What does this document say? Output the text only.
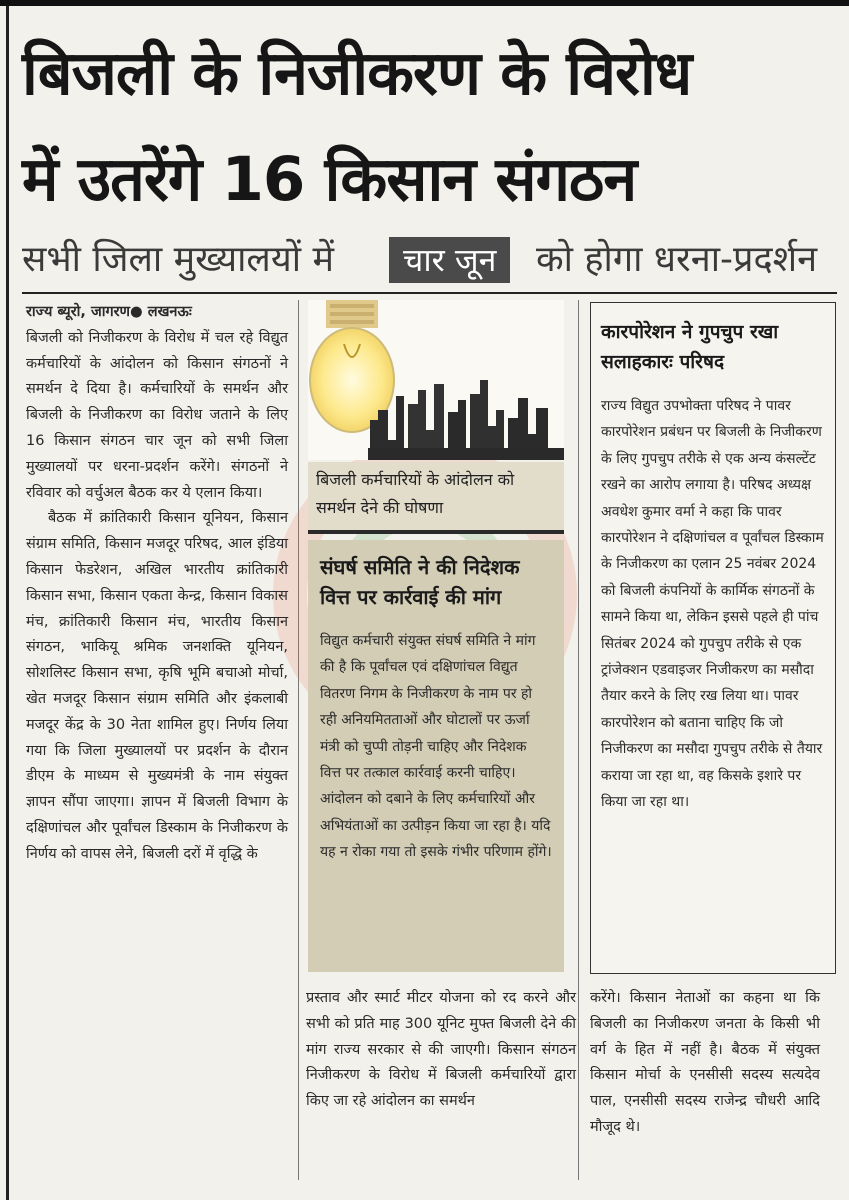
बिजली के निजीकरण के विरोध
में उतरेंगे 16 किसान संगठन
सभी जिला मुख्यालयों में	चार जून	को होगा धरना-प्रदर्शन

राज्य ब्यूरो, जागरण● लखनऊः

बिजली को निजीकरण के विरोध में चल रहे विद्युत कर्मचारियों के आंदोलन को किसान संगठनों ने समर्थन दे दिया है। कर्मचारियों के समर्थन और बिजली के निजीकरण का विरोध जताने के लिए 16 किसान संगठन चार जून को सभी जिला मुख्यालयों पर धरना-प्रदर्शन करेंगे। संगठनों ने रविवार को वर्चुअल बैठक कर ये एलान किया।

बैठक में क्रांतिकारी किसान यूनियन, किसान संग्राम समिति, किसान मजदूर परिषद, आल इंडिया किसान फेडरेशन, अखिल भारतीय क्रांतिकारी किसान सभा, किसान एकता केन्द्र, किसान विकास मंच, क्रांतिकारी किसान मंच, भारतीय किसान संगठन, भाकियू श्रमिक जनशक्ति यूनियन, सोशलिस्ट किसान सभा, कृषि भूमि बचाओ मोर्चा, खेत मजदूर किसान संग्राम समिति और इंकलाबी मजदूर केंद्र के 30 नेता शामिल हुए। निर्णय लिया गया कि जिला मुख्यालयों पर प्रदर्शन के दौरान डीएम के माध्यम से मुख्यमंत्री के नाम संयुक्त ज्ञापन सौंपा जाएगा। ज्ञापन में बिजली विभाग के दक्षिणांचल और पूर्वांचल डिस्काम के निजीकरण के निर्णय को वापस लेने, बिजली दरों में वृद्धि के

बिजली कर्मचारियों के आंदोलन को समर्थन देने की घोषणा
संघर्ष समिति ने की निदेशक वित्त पर कार्रवाई की मांग
विद्युत कर्मचारी संयुक्त संघर्ष समिति ने मांग की है कि पूर्वांचल एवं दक्षिणांचल विद्युत वितरण निगम के निजीकरण के नाम पर हो रही अनियमितताओं और घोटालों पर ऊर्जा मंत्री को चुप्पी तोड़नी चाहिए और निदेशक वित्त पर तत्काल कार्रवाई करनी चाहिए। आंदोलन को दबाने के लिए कर्मचारियों और अभियंताओं का उत्पीड़न किया जा रहा है। यदि यह न रोका गया तो इसके गंभीर परिणाम होंगे।
कारपोरेशन ने गुपचुप रखा सलाहकारः परिषद
राज्य विद्युत उपभोक्ता परिषद ने पावर कारपोरेशन प्रबंधन पर बिजली के निजीकरण के लिए गुपचुप तरीके से एक अन्य कंसल्टेंट रखने का आरोप लगाया है। परिषद अध्यक्ष अवधेश कुमार वर्मा ने कहा कि पावर कारपोरेशन ने दक्षिणांचल व पूर्वांचल डिस्काम के निजीकरण का एलान 25 नवंबर 2024 को बिजली कंपनियों के कार्मिक संगठनों के सामने किया था, लेकिन इससे पहले ही पांच सितंबर 2024 को गुपचुप तरीके से एक ट्रांजेक्शन एडवाइजर निजीकरण का मसौदा तैयार करने के लिए रख लिया था। पावर कारपोरेशन को बताना चाहिए कि जो निजीकरण का मसौदा गुपचुप तरीके से तैयार कराया जा रहा था, वह किसके इशारे पर किया जा रहा था।
प्रस्ताव और स्मार्ट मीटर योजना को रद करने और सभी को प्रति माह 300 यूनिट मुफ्त बिजली देने की मांग राज्य सरकार से की जाएगी। किसान संगठन निजीकरण के विरोध में बिजली कर्मचारियों द्वारा किए जा रहे आंदोलन का समर्थन
करेंगे। किसान नेताओं का कहना था कि बिजली का निजीकरण जनता के किसी भी वर्ग के हित में नहीं है। बैठक में संयुक्त किसान मोर्चा के एनसीसी सदस्य सत्यदेव पाल, एनसीसी सदस्य राजेन्द्र चौधरी आदि मौजूद थे।
